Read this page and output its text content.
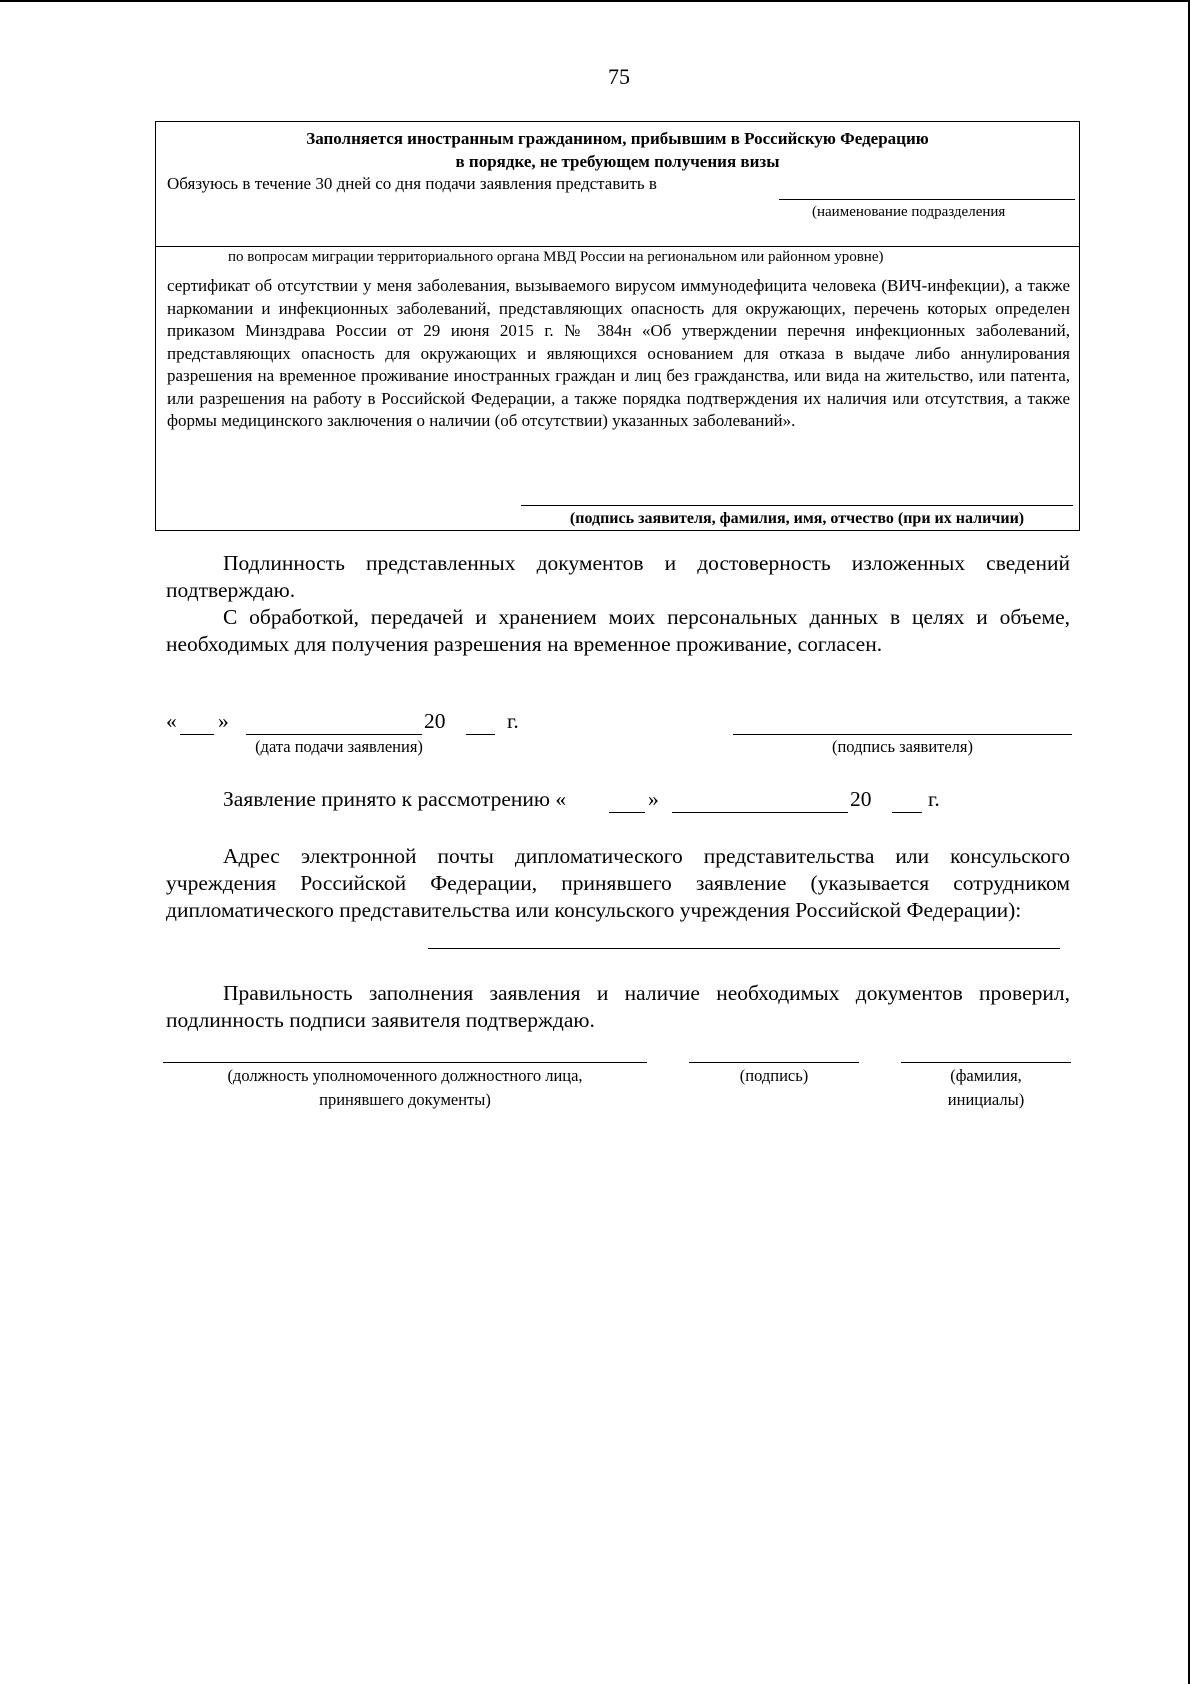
75
Заполняется иностранным гражданином, прибывшим в Российскую Федерацию
в порядке, не требующем получения визы
Обязуюсь в течение 30 дней со дня подачи заявления представить в
(наименование подразделения
по вопросам миграции территориального органа МВД России на региональном или районном уровне)
сертификат об отсутствии у меня заболевания, вызываемого вирусом иммунодефицита человека (ВИЧ-инфекции), а также наркомании и инфекционных заболеваний, представляющих опасность для окружающих, перечень которых определен приказом Минздрава России от 29 июня 2015 г. № 384н «Об утверждении перечня инфекционных заболеваний, представляющих опасность для окружающих и являющихся основанием для отказа в выдаче либо аннулирования разрешения на временное проживание иностранных граждан и лиц без гражданства, или вида на жительство, или патента, или разрешения на работу в Российской Федерации, а также порядка подтверждения их наличия или отсутствия, а также формы медицинского заключения о наличии (об отсутствии) указанных заболеваний».
(подпись заявителя, фамилия, имя, отчество (при их наличии)
Подлинность представленных документов и достоверность изложенных сведений подтверждаю.
С обработкой, передачей и хранением моих персональных данных в целях и объеме, необходимых для получения разрешения на временное проживание, согласен.
« »	20	г.
(дата подачи заявления)	(подпись заявителя)
Заявление принято к рассмотрению «	»	20	г.
Адрес электронной почты дипломатического представительства или консульского учреждения Российской Федерации, принявшего заявление (указывается сотрудником дипломатического представительства или консульского учреждения Российской Федерации):
Правильность заполнения заявления и наличие необходимых документов проверил, подлинность подписи заявителя подтверждаю.
(должность уполномоченного должностного лица,
принявшего документы)
(подпись)	(фамилия,
инициалы)
